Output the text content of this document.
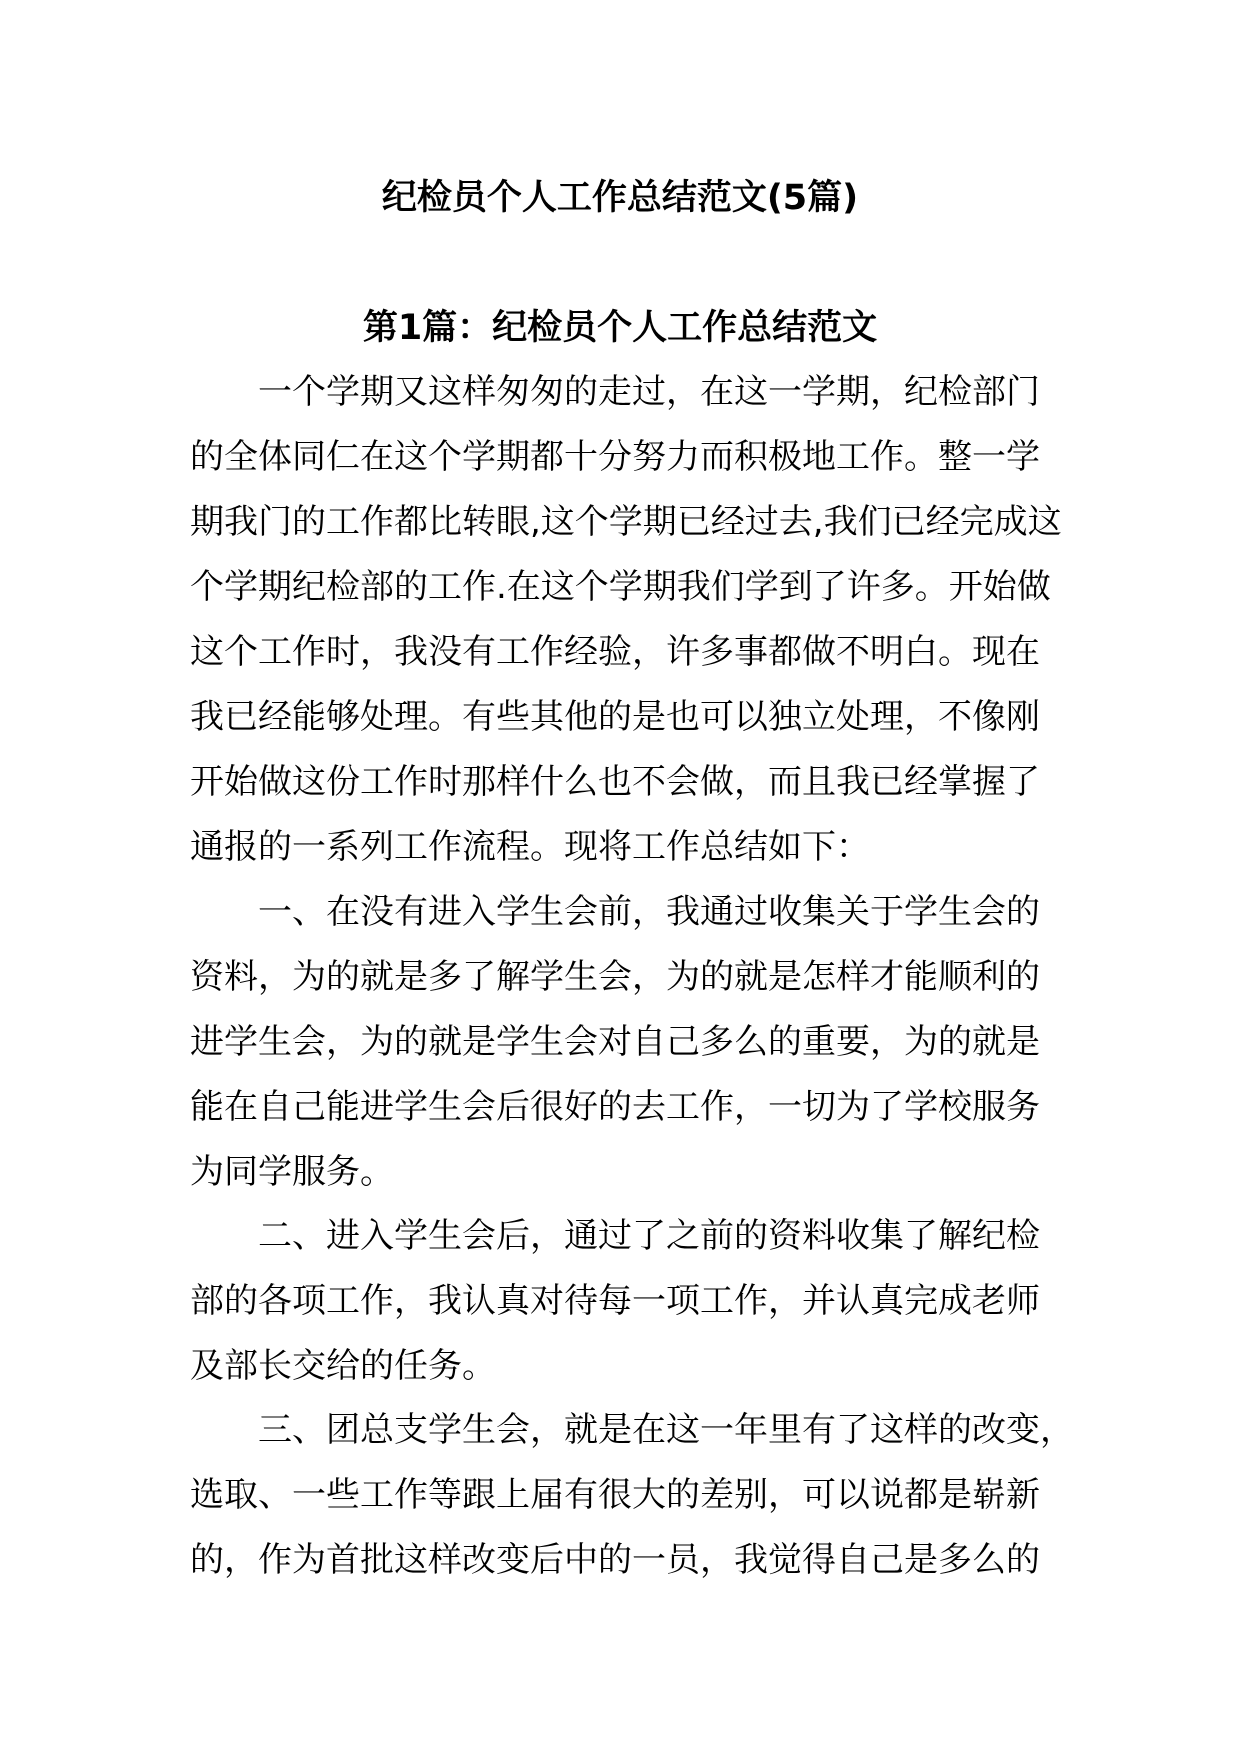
纪检员个人工作总结范文(5篇)
第1篇：纪检员个人工作总结范文
一个学期又这样匆匆的走过，在这一学期，纪检部门
的全体同仁在这个学期都十分努力而积极地工作。整一学
期我门的工作都比转眼,这个学期已经过去,我们已经完成这
个学期纪检部的工作.在这个学期我们学到了许多。开始做
这个工作时，我没有工作经验，许多事都做不明白。现在
我已经能够处理。有些其他的是也可以独立处理，不像刚
开始做这份工作时那样什么也不会做，而且我已经掌握了
通报的一系列工作流程。现将工作总结如下：
一、在没有进入学生会前，我通过收集关于学生会的
资料，为的就是多了解学生会，为的就是怎样才能顺利的
进学生会，为的就是学生会对自己多么的重要，为的就是
能在自己能进学生会后很好的去工作，一切为了学校服务
为同学服务。
二、进入学生会后，通过了之前的资料收集了解纪检
部的各项工作，我认真对待每一项工作，并认真完成老师
及部长交给的任务。
三、团总支学生会，就是在这一年里有了这样的改变，
选取、一些工作等跟上届有很大的差别，可以说都是崭新
的，作为首批这样改变后中的一员，我觉得自己是多么的
